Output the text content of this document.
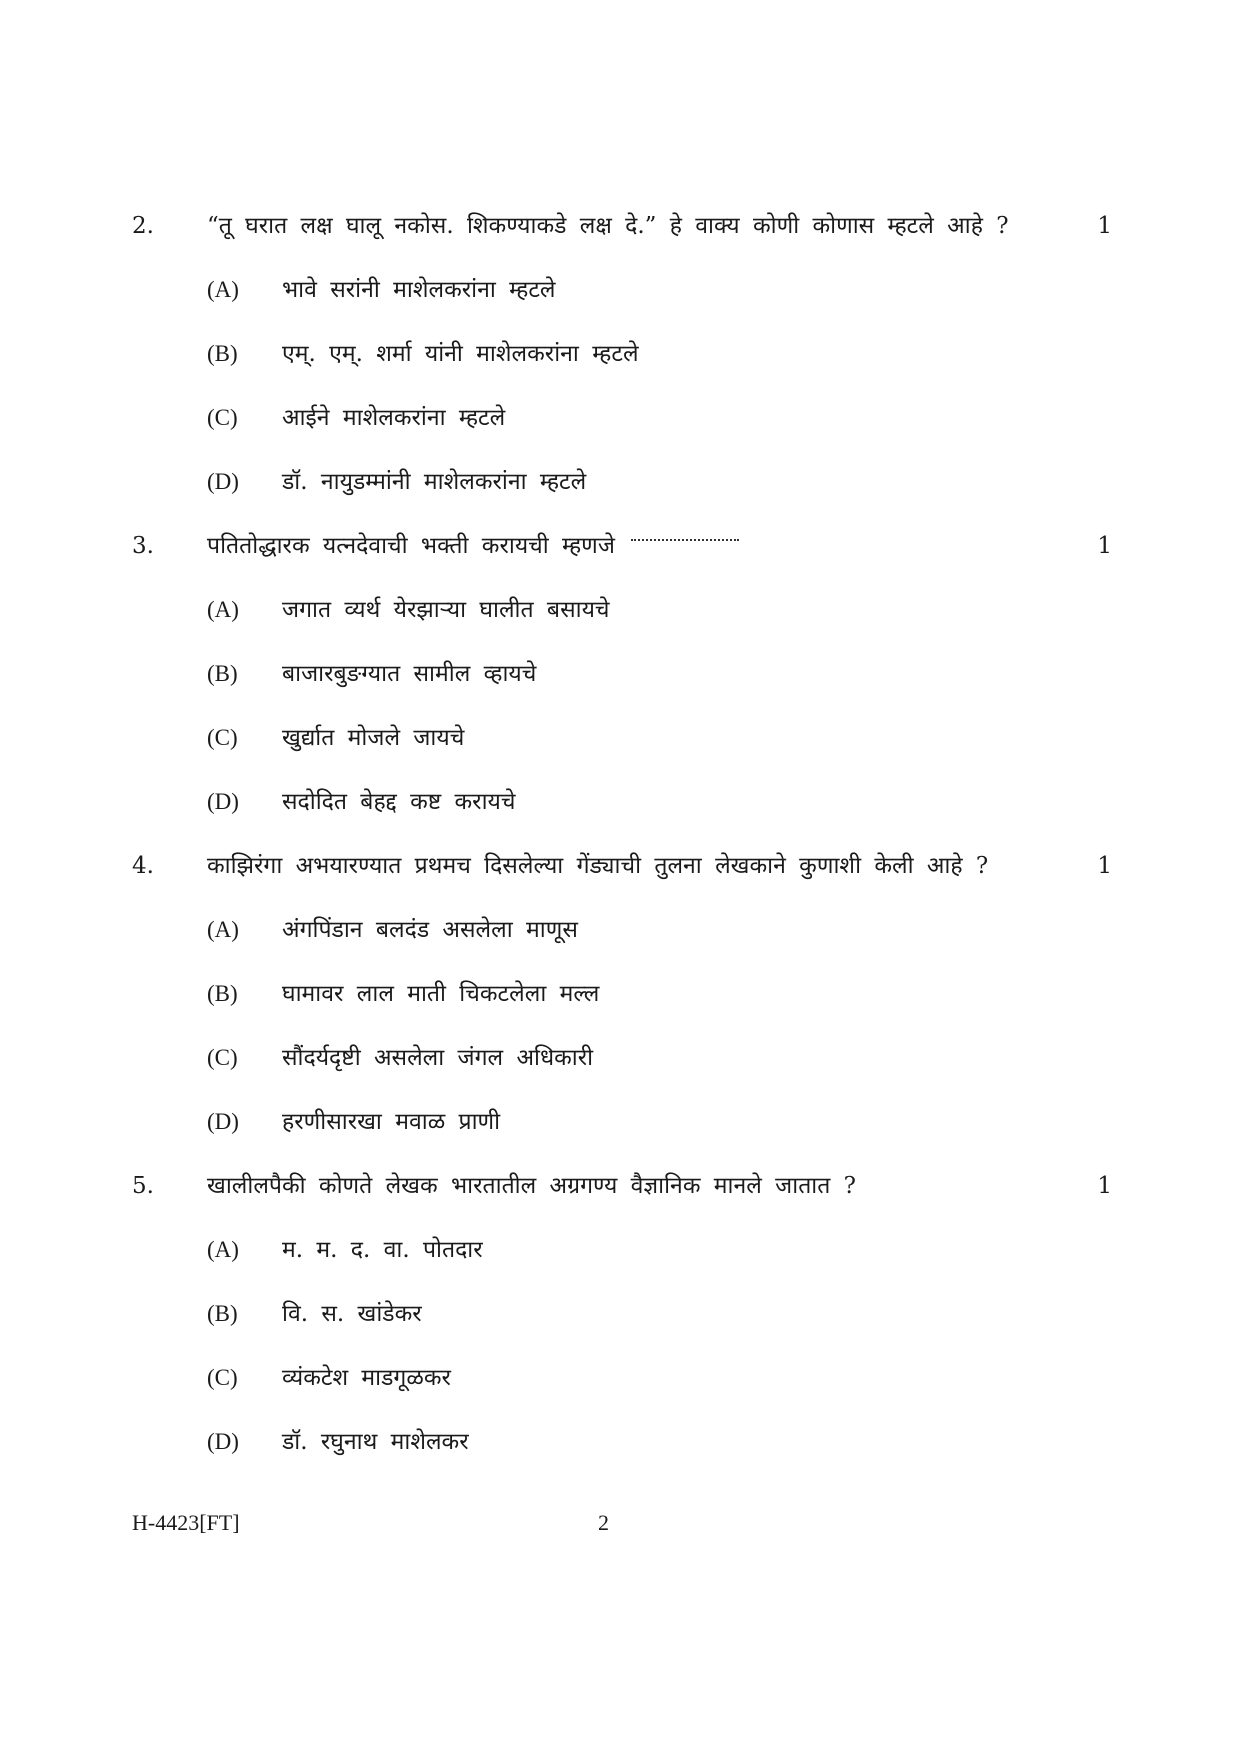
2. “तू घरात लक्ष घालू नकोस. शिकण्याकडे लक्ष दे.” हे वाक्य कोणी कोणास म्हटले आहे ?	1
(A) भावे सरांनी माशेलकरांना म्हटले
(B) एम्. एम्. शर्मा यांनी माशेलकरांना म्हटले
(C) आईने माशेलकरांना म्हटले
(D) डॉ. नायुडम्मांनी माशेलकरांना म्हटले
3. पतितोद्धारक यत्नदेवाची भक्ती करायची म्हणजे	1
(A) जगात व्यर्थ येरझाऱ्या घालीत बसायचे
(B) बाजारबुङग्यात सामील व्हायचे
(C) खुर्द्यात मोजले जायचे
(D) सदोदित बेहद्द कष्ट करायचे
4. काझिरंगा अभयारण्यात प्रथमच दिसलेल्या गेंड्याची तुलना लेखकाने कुणाशी केली आहे ?	1
(A) अंगपिंडान बलदंड असलेला माणूस
(B) घामावर लाल माती चिकटलेला मल्ल
(C) सौंदर्यदृष्टी असलेला जंगल अधिकारी
(D) हरणीसारखा मवाळ प्राणी
5. खालीलपैकी कोणते लेखक भारतातील अग्रगण्य वैज्ञानिक मानले जातात ?	1
(A) म. म. द. वा. पोतदार
(B) वि. स. खांडेकर
(C) व्यंकटेश माडगूळकर
(D) डॉ. रघुनाथ माशेलकर
H-4423[FT]	2
